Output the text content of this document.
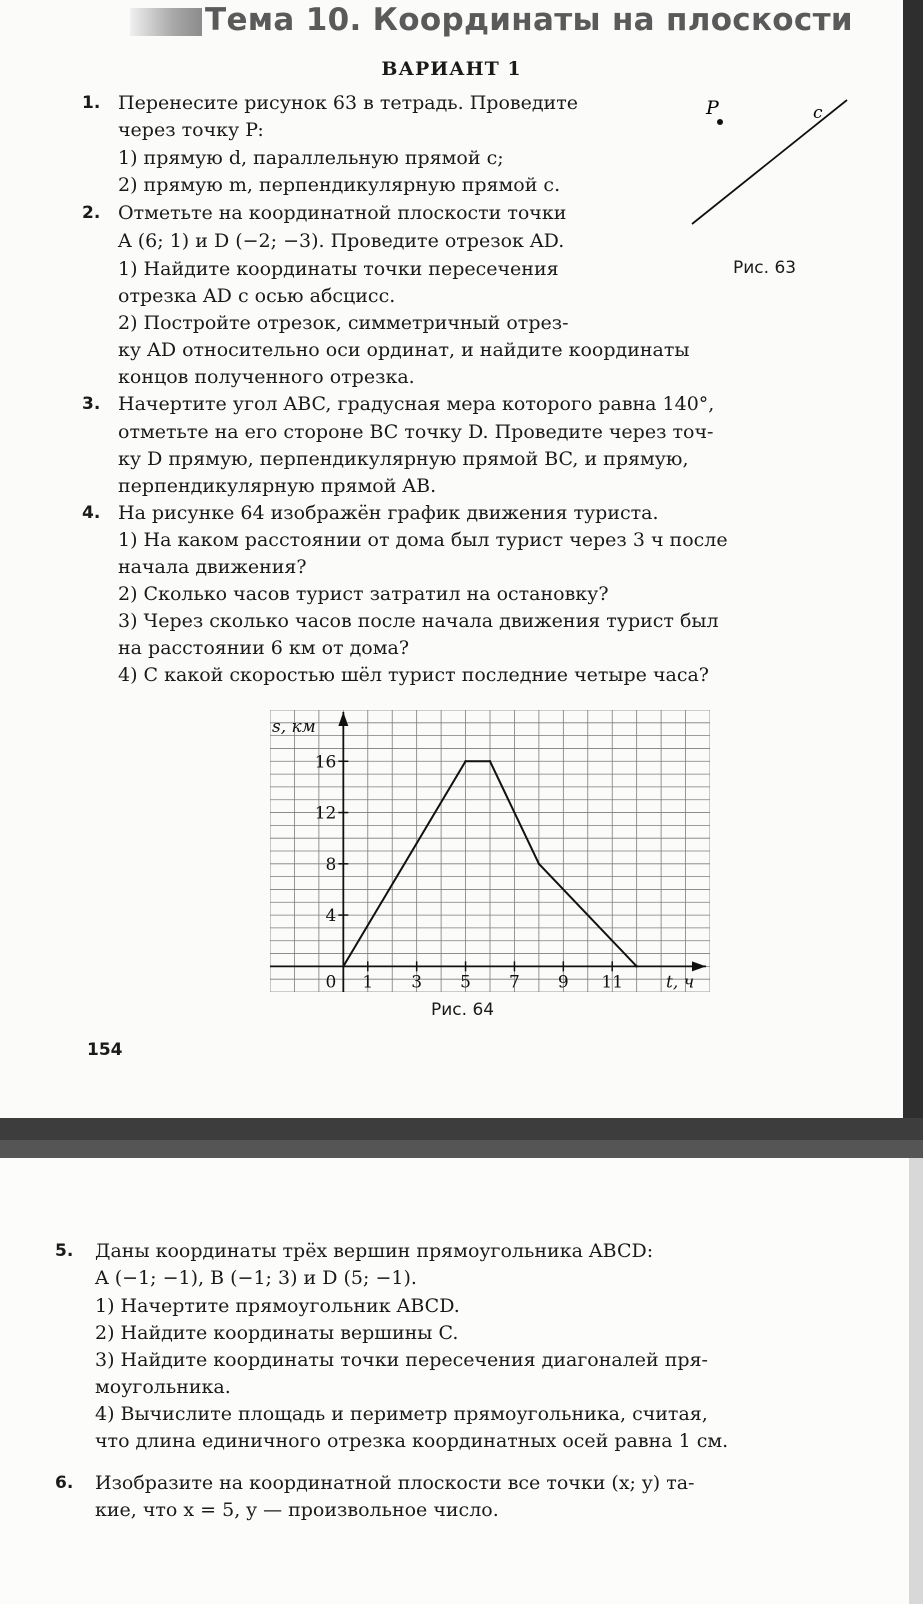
Тема 10. Координаты на плоскости
ВАРИАНТ 1
1. Перенесите рисунок 63 в тетрадь. Проведите
через точку P:
1) прямую d, параллельную прямой c;
2) прямую m, перпендикулярную прямой c.
P	c
Рис. 63
2. Отметьте на координатной плоскости точки
A (6; 1) и D (−2; −3). Проведите отрезок AD.
1) Найдите координаты точки пересечения
отрезка AD с осью абсцисс.
2) Постройте отрезок, симметричный отрез-
ку AD относительно оси ординат, и найдите координаты
концов полученного отрезка.
3. Начертите угол ABC, градусная мера которого равна 140°,
отметьте на его стороне BC точку D. Проведите через точ-
ку D прямую, перпендикулярную прямой BC, и прямую,
перпендикулярную прямой AB.
4. На рисунке 64 изображён график движения туриста.
1) На каком расстоянии от дома был турист через 3 ч после
начала движения?
2) Сколько часов турист затратил на остановку?
3) Через сколько часов после начала движения турист был
на расстоянии 6 км от дома?
4) С какой скоростью шёл турист последние четыре часа?
1 3 5 7 9 11
4
8
12
16
0	t, ч
s, км
Рис. 64
154
5. Даны координаты трёх вершин прямоугольника ABCD:
A (−1; −1), B (−1; 3) и D (5; −1).
1) Начертите прямоугольник ABCD.
2) Найдите координаты вершины C.
3) Найдите координаты точки пересечения диагоналей пря-
моугольника.
4) Вычислите площадь и периметр прямоугольника, считая,
что длина единичного отрезка координатных осей равна 1 см.
6. Изобразите на координатной плоскости все точки (x; y) та-
кие, что x = 5, y — произвольное число.
